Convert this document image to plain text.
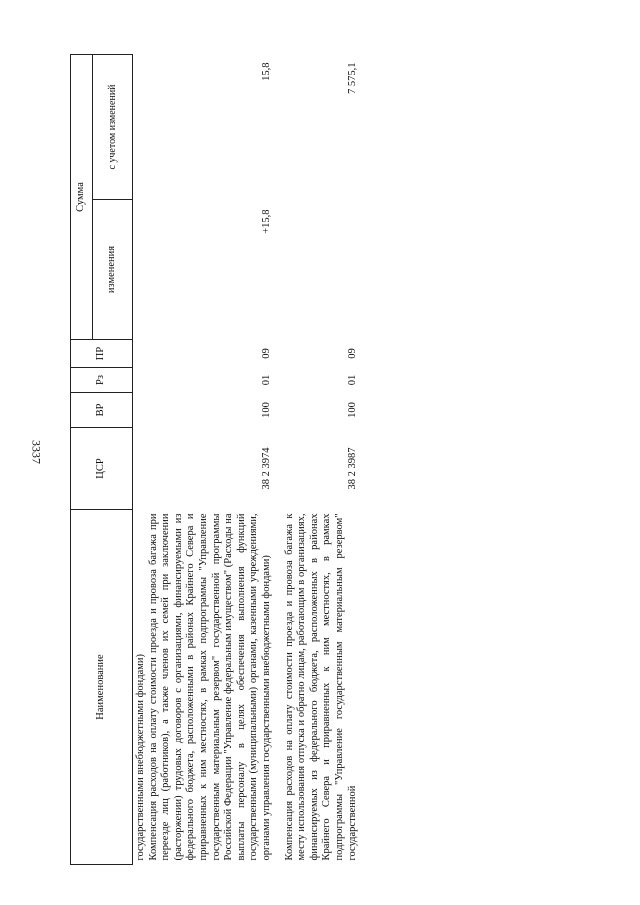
3337
Наименование	ЦСР	ВР	Рз	ПР	Сумма	
					изменения	с учетом изменений

государственными внебюджетными фондами)						
Компенсация расходов на оплату стоимости проезда и провоза багажа при переезде лиц (работников), а также членов их семей при заключении (расторжении) трудовых договоров с организациями, финансируемыми из федерального бюджета, расположенными в районах Крайнего Севера и приравненных к ним местностях, в рамках подпрограммы "Управление государственным материальным резервом" государственной программы Российской Федерации "Управление федеральным имуществом" (Расходы на выплаты персоналу в целях обеспечения выполнения функций государственными (муниципальными) органами, казенными учреждениями, органами управления государственными внебюджетными фондами)	38 2 3974	100	01	09	+15,8	15,8
Компенсация расходов на оплату стоимости проезда и провоза багажа к месту использования отпуска и обратно лицам, работающим в организациях, финансируемых из федерального бюджета, расположенных в районах Крайнего Севера и приравненных к ним местностях, в рамках подпрограммы "Управление государственным материальным резервом" государственной	38 2 3987	100	01	09		7 575,1
